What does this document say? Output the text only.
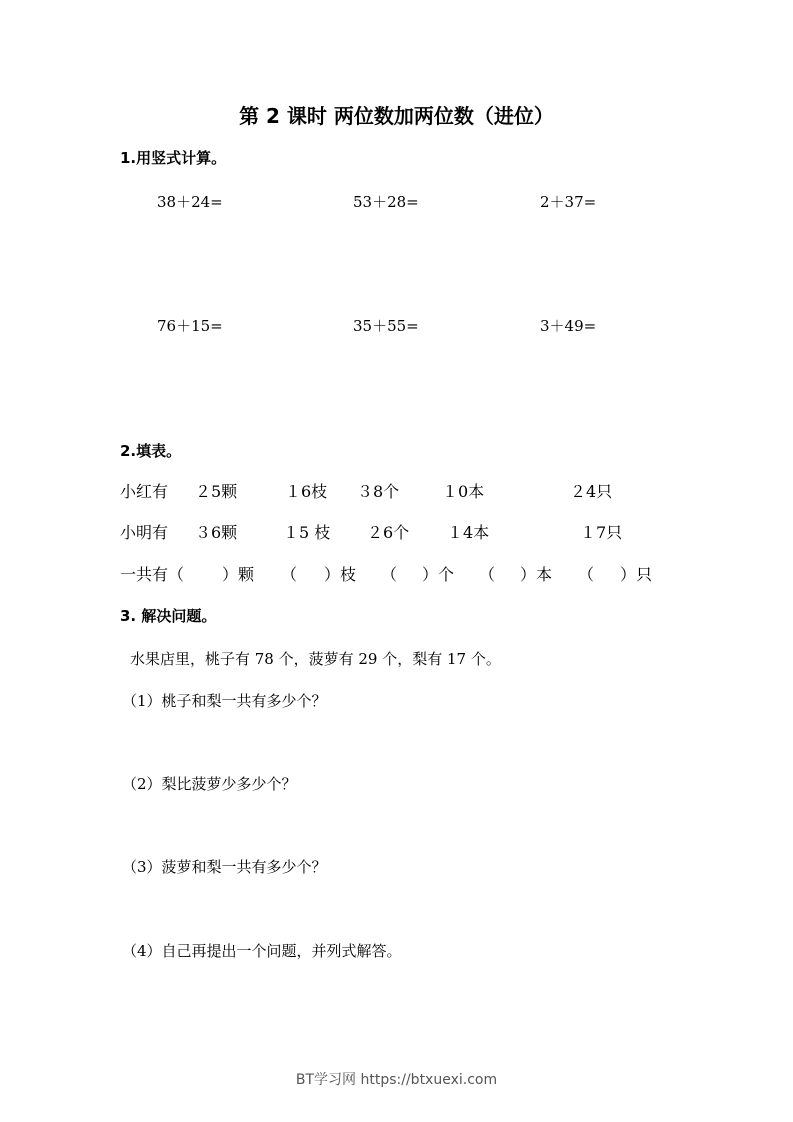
第 2 课时 两位数加两位数（进位）
1.用竖式计算。
38＋24=	53＋28=	2＋37=
76＋15=	35＋55=	3＋49=
2.填表。
小红有 ２5颗	１6枝 ３8个	１0本	２4只
小明有 ３6颗	１5 枝 ２6个 １4本	１7只
一共有（ ）颗 （ ）枝 （ ）个 （ ）本 （ ）只
3. 解决问题。
水果店里，桃子有 78 个，菠萝有 29 个，梨有 17 个。
（1）桃子和梨一共有多少个？
（2）梨比菠萝少多少个？
（3）菠萝和梨一共有多少个？
（4）自己再提出一个问题，并列式解答。
BT学习网 https://btxuexi.com
